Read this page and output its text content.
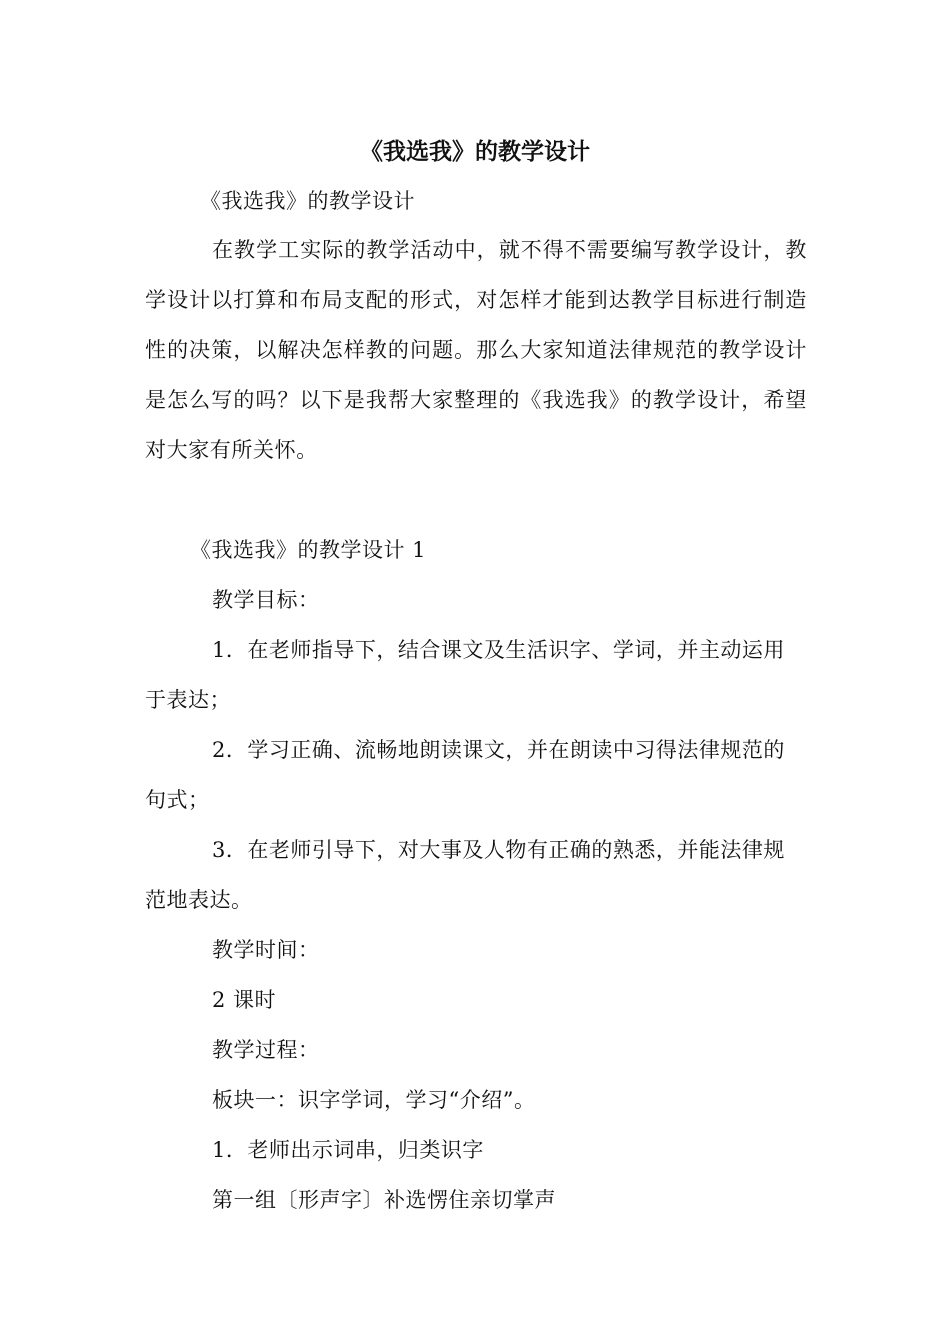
《我选我》的教学设计
《我选我》的教学设计
在教学工实际的教学活动中，就不得不需要编写教学设计，教学设计以打算和布局支配的形式，对怎样才能到达教学目标进行制造性的决策，以解决怎样教的问题。那么大家知道法律规范的教学设计是怎么写的吗？以下是我帮大家整理的《我选我》的教学设计，希望对大家有所关怀。
《我选我》的教学设计 1
教学目标：
1．在老师指导下，结合课文及生活识字、学词，并主动运用
于表达；
2．学习正确、流畅地朗读课文，并在朗读中习得法律规范的
句式；
3．在老师引导下，对大事及人物有正确的熟悉，并能法律规
范地表达。
教学时间：
2 课时
教学过程：
板块一：识字学词，学习“介绍”。
1．老师出示词串，归类识字
第一组〔形声字〕补选愣住亲切掌声
